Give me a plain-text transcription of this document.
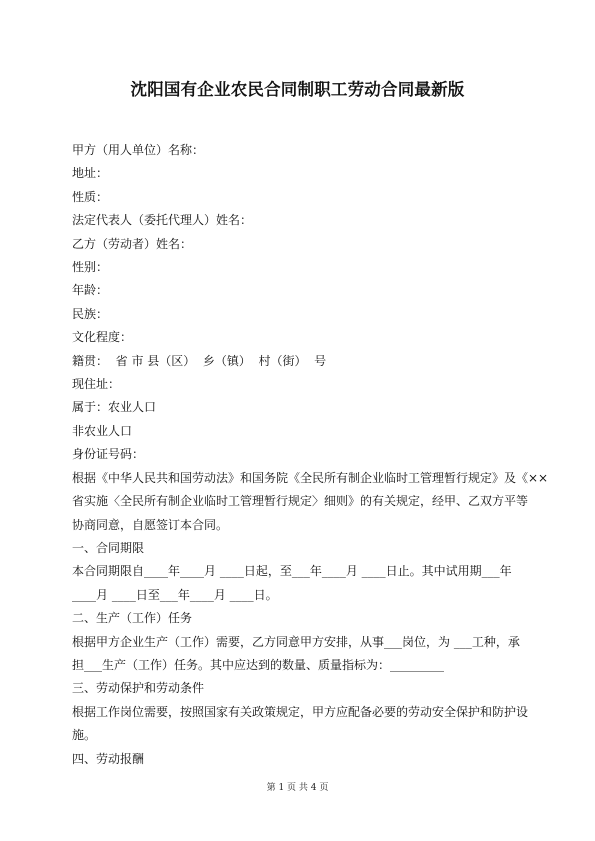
沈阳国有企业农民合同制职工劳动合同最新版
甲方（用人单位）名称：
地址：
性质：
法定代表人（委托代理人）姓名：
乙方（劳动者）姓名：
性别：
年龄：
民族：
文化程度：
籍贯：  省 市 县（区）  乡（镇）  村（街）  号
现住址：
属于：农业人口
非农业人口
身份证号码：
根据《中华人民共和国劳动法》和国务院《全民所有制企业临时工管理暂行规定》及《××
省实施〈全民所有制企业临时工管理暂行规定〉细则》的有关规定，经甲、乙双方平等
协商同意，自愿签订本合同。
一、合同期限
本合同期限自____年____月 ____日起，至___年____月 ____日止。其中试用期___年
____月 ____日至___年____月 ____日。
二、生产（工作）任务
根据甲方企业生产（工作）需要，乙方同意甲方安排，从事___岗位，为 ___工种，承
担___生产（工作）任务。其中应达到的数量、质量指标为：_________
三、劳动保护和劳动条件
根据工作岗位需要，按照国家有关政策规定，甲方应配备必要的劳动安全保护和防护设
施。
四、劳动报酬
第 1 页 共 4 页
